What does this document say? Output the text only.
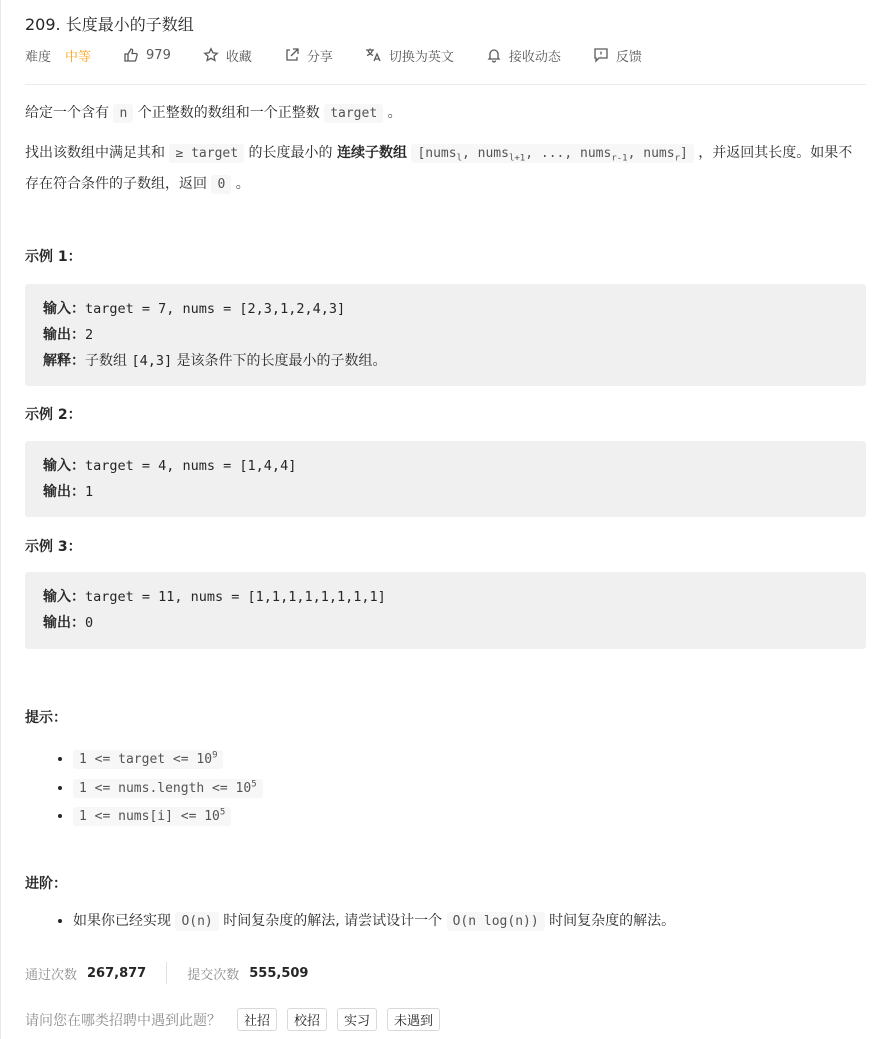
209. 长度最小的子数组
难度 中等	979	收藏	分享	切换为英文	接收动态	反馈
给定一个含有 n 个正整数的数组和一个正整数 target 。
找出该数组中满足其和 ≥ target 的长度最小的 连续子数组 [nums$_l$, nums$_{l+1}$, ..., nums$_{r-1}$, nums$_r$] ，并返回其长度。如果不存在符合条件的子数组，返回 0 。
示例 1：
输入：target = 7, nums = [2,3,1,2,4,3]
输出：2
解释：子数组 [4,3] 是该条件下的长度最小的子数组。
示例 2：
输入：target = 4, nums = [1,4,4]
输出：1
示例 3：
输入：target = 11, nums = [1,1,1,1,1,1,1,1]
输出：0
提示：
• 1 <= target <= $10^9$
• 1 <= nums.length <= $10^5$
• 1 <= nums[i] <= $10^5$
进阶：
• 如果你已经实现 O(n) 时间复杂度的解法, 请尝试设计一个 O(n log(n)) 时间复杂度的解法。
通过次数 267,877	提交次数 555,509
请问您在哪类招聘中遇到此题？	社招	校招	实习	未遇到
